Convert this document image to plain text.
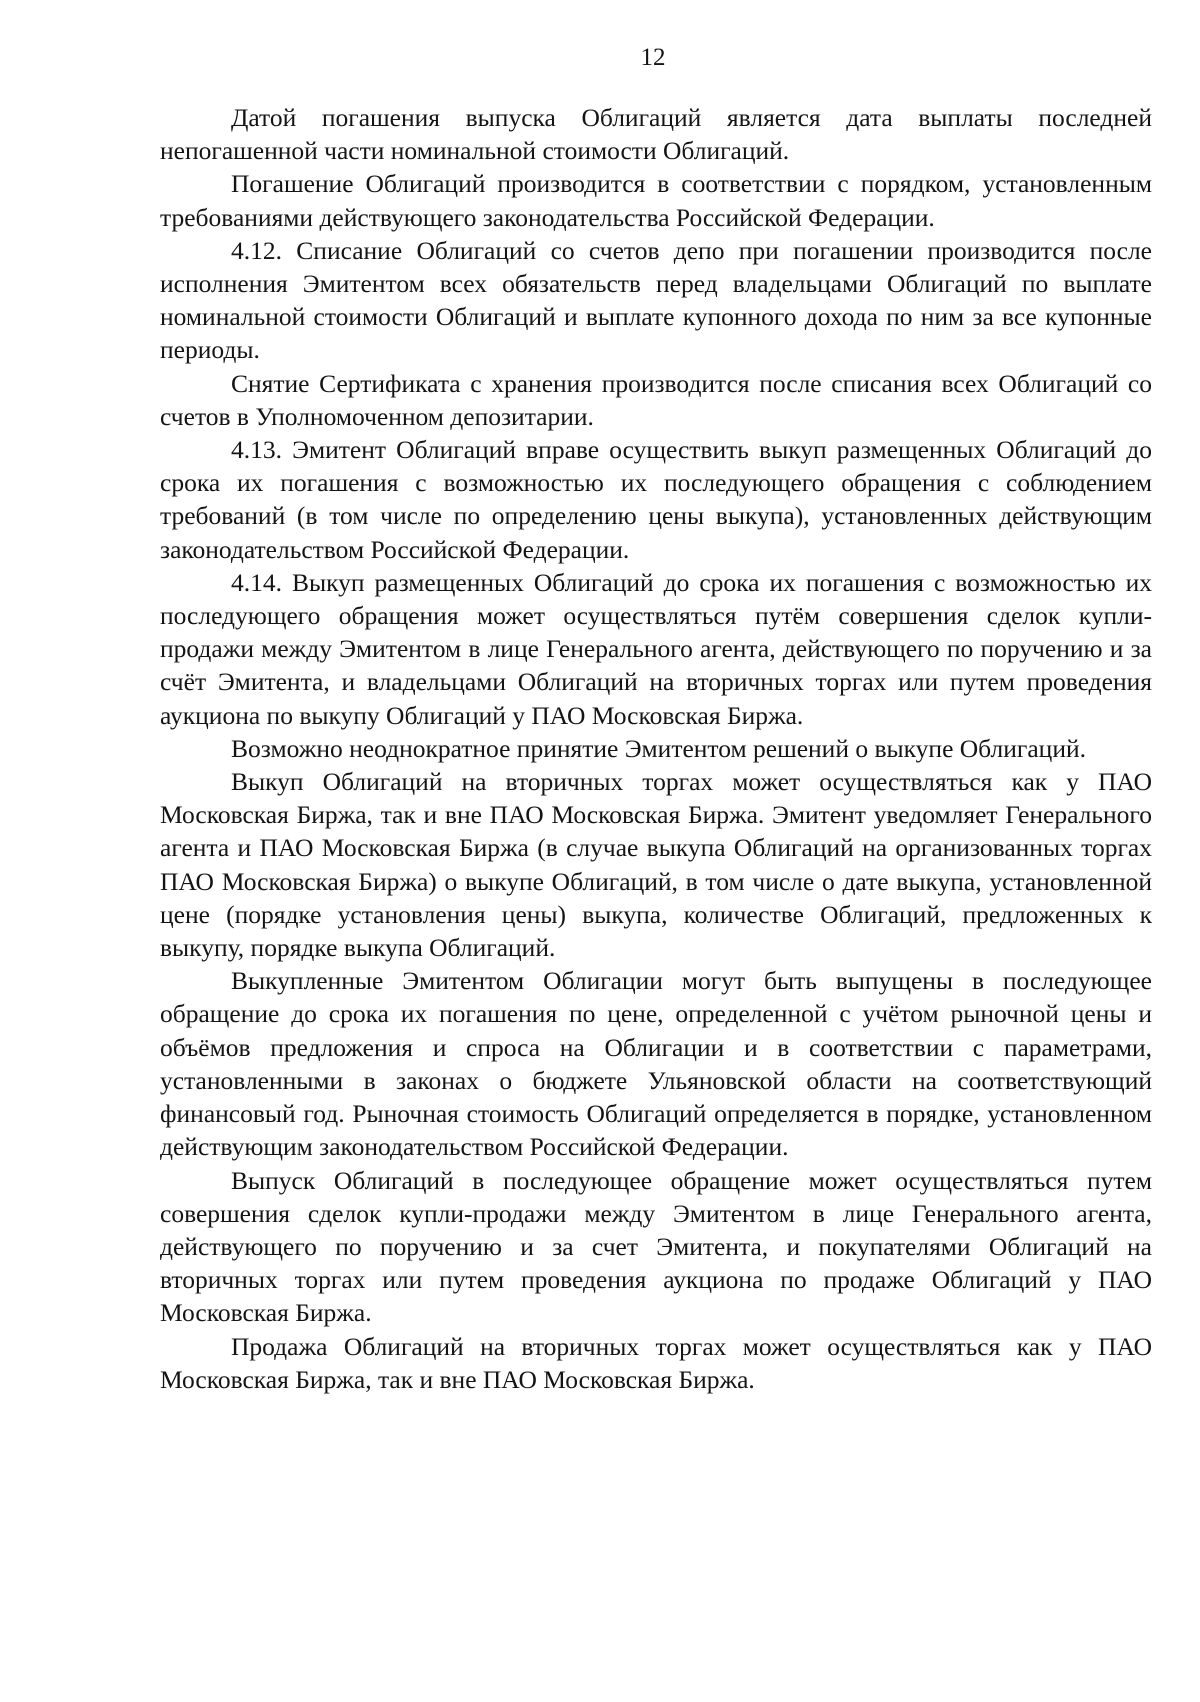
12

Датой погашения выпуска Облигаций является дата выплаты последней непогашенной части номинальной стоимости Облигаций.

Погашение Облигаций производится в соответствии с порядком, установленным требованиями действующего законодательства Российской Федерации.

4.12. Списание Облигаций со счетов депо при погашении производится после исполнения Эмитентом всех обязательств перед владельцами Облигаций по выплате номинальной стоимости Облигаций и выплате купонного дохода по ним за все купонные периоды.

Снятие Сертификата с хранения производится после списания всех Облигаций со счетов в Уполномоченном депозитарии.

4.13. Эмитент Облигаций вправе осуществить выкуп размещенных Облигаций до срока их погашения с возможностью их последующего обращения с соблюдением требований (в том числе по определению цены выкупа), установленных действующим законодательством Российской Федерации.

4.14. Выкуп размещенных Облигаций до срока их погашения с возможностью их последующего обращения может осуществляться путём совершения сделок купли-продажи между Эмитентом в лице Генерального агента, действующего по поручению и за счёт Эмитента, и владельцами Облигаций на вторичных торгах или путем проведения аукциона по выкупу Облигаций у ПАО Московская Биржа.

Возможно неоднократное принятие Эмитентом решений о выкупе Облигаций.

Выкуп Облигаций на вторичных торгах может осуществляться как у ПАО Московская Биржа, так и вне ПАО Московская Биржа. Эмитент уведомляет Генерального агента и ПАО Московская Биржа (в случае выкупа Облигаций на организованных торгах ПАО Московская Биржа) о выкупе Облигаций, в том числе о дате выкупа, установленной цене (порядке установления цены) выкупа, количестве Облигаций, предложенных к выкупу, порядке выкупа Облигаций.

Выкупленные Эмитентом Облигации могут быть выпущены в последующее обращение до срока их погашения по цене, определенной с учётом рыночной цены и объёмов предложения и спроса на Облигации и в соответствии с параметрами, установленными в законах о бюджете Ульяновской области на соответствующий финансовый год. Рыночная стоимость Облигаций определяется в порядке, установленном действующим законодательством Российской Федерации.

Выпуск Облигаций в последующее обращение может осуществляться путем совершения сделок купли-продажи между Эмитентом в лице Генерального агента, действующего по поручению и за счет Эмитента, и покупателями Облигаций на вторичных торгах или путем проведения аукциона по продаже Облигаций у ПАО Московская Биржа.

Продажа Облигаций на вторичных торгах может осуществляться как у ПАО Московская Биржа, так и вне ПАО Московская Биржа.
